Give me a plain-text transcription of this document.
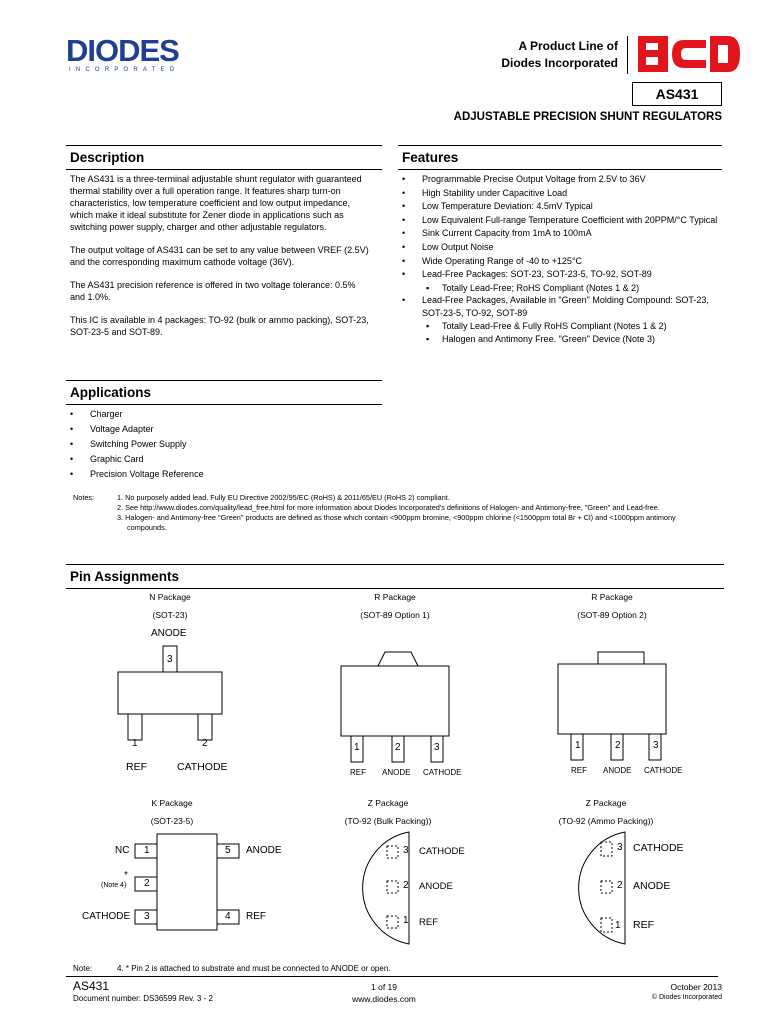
DIODES
INCORPORATED
A Product Line of
Diodes Incorporated
BCD
AS431
ADJUSTABLE PRECISION SHUNT REGULATORS
Description

The AS431 is a three-terminal adjustable shunt regulator with guaranteed thermal stability over a full operation range. It features sharp turn-on characteristics, low temperature coefficient and low output impedance, which make it ideal substitute for Zener diode in applications such as switching power supply, charger and other adjustable regulators.

The output voltage of AS431 can be set to any value between VREF (2.5V) and the corresponding maximum cathode voltage (36V).

The AS431 precision reference is offered in two voltage tolerance: 0.5% and 1.0%.

This IC is available in 4 packages: TO-92 (bulk or ammo packing), SOT-23, SOT-23-5 and SOT-89.

Features
• Programmable Precise Output Voltage from 2.5V to 36V
• High Stability under Capacitive Load
• Low Temperature Deviation: 4.5mV Typical
• Low Equivalent Full-range Temperature Coefficient with 20PPM/°C Typical
• Sink Current Capacity from 1mA to 100mA
• Low Output Noise
• Wide Operating Range of -40 to +125°C
• Lead-Free Packages: SOT-23, SOT-23-5, TO-92, SOT-89
▪ Totally Lead-Free; RoHS Compliant (Notes 1 & 2)
• Lead-Free Packages, Available in "Green" Molding Compound: SOT-23, SOT-23-5, TO-92, SOT-89
▪ Totally Lead-Free & Fully RoHS Compliant (Notes 1 & 2)
▪ Halogen and Antimony Free. "Green" Device (Note 3)
Applications
• Charger
• Voltage Adapter
• Switching Power Supply
• Graphic Card
• Precision Voltage Reference
Notes:	1. No purposely added lead. Fully EU Directive 2002/95/EC (RoHS) & 2011/65/EU (RoHS 2) compliant.
2. See http://www.diodes.com/quality/lead_free.html for more information about Diodes Incorporated's definitions of Halogen- and Antimony-free, "Green" and Lead-free.
3. Halogen- and Antimony-free "Green" products are defined as those which contain <900ppm bromine, <900ppm chlorine (<1500ppm total Br + Cl) and <1000ppm antimony compounds.
Pin Assignments
N Package
(SOT-23)
ANODE
3
1	2
REF	CATHODE
R Package
(SOT-89 Option 1)
1	2	3
REF ANODE CATHODE
R Package
(SOT-89 Option 2)
1	2	3
REF ANODE CATHODE
K Package
(SOT-23-5)
1
2
3	4
5
NC
*
(Note 4)
CATHODE
ANODE
REF
Z Package
(TO-92 (Bulk Packing))
3
2
1
CATHODE
ANODE
REF
Z Package
(TO-92 (Ammo Packing))
3
2
1
CATHODE
ANODE
REF
Note:	4. * Pin 2 is attached to substrate and must be connected to ANODE or open.
AS431
Document number: DS36599 Rev. 3 - 2
1 of 19
www.diodes.com
October 2013
© Diodes Incorporated
